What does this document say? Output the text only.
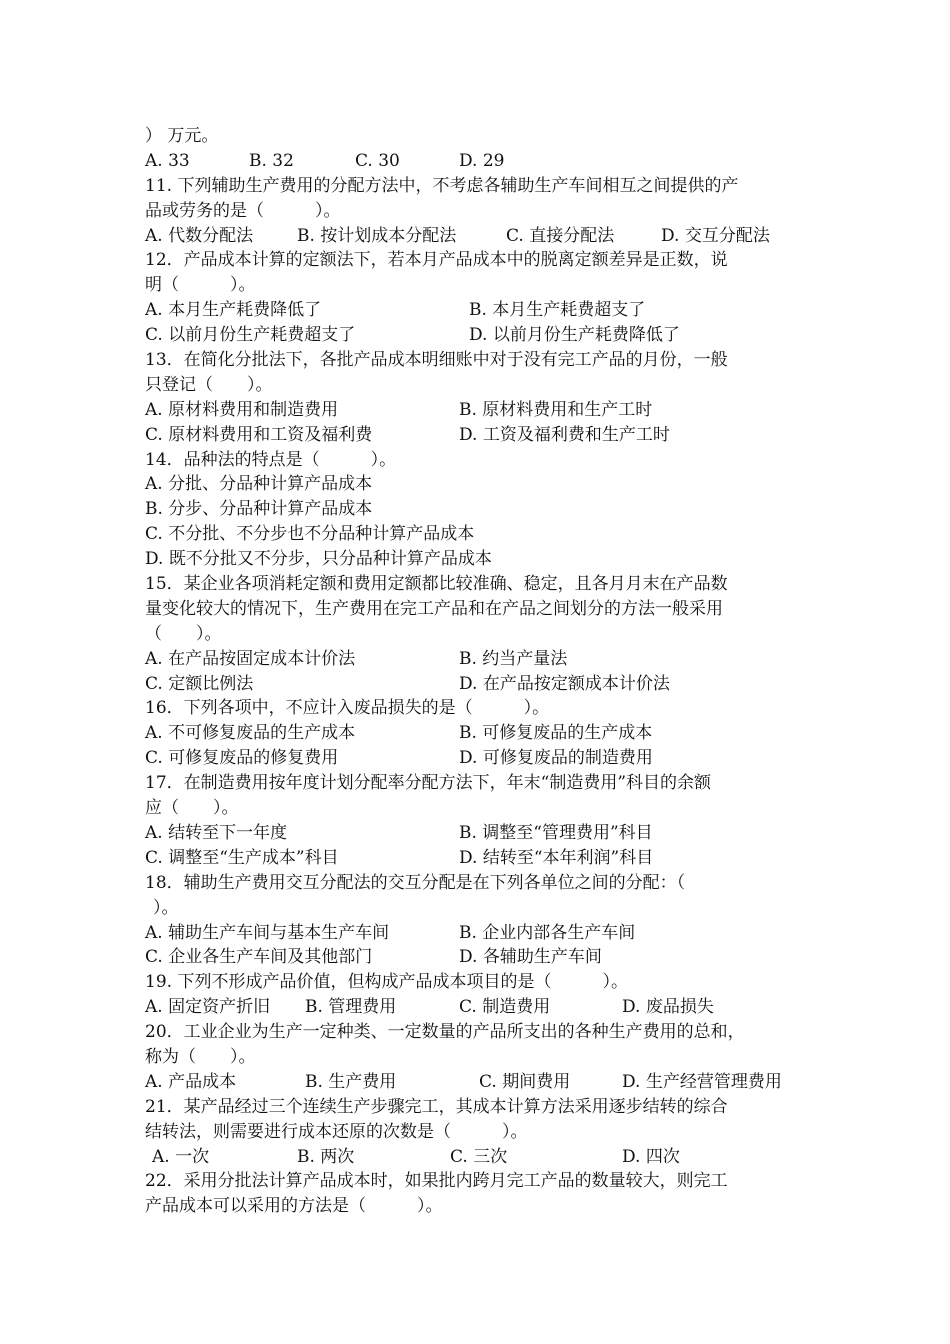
） 万元。
A. 33	B. 32	C. 30	D. 29
11. 下列辅助生产费用的分配方法中，不考虑各辅助生产车间相互之间提供的产
品或劳务的是（　　　）。
A. 代数分配法	B. 按计划成本分配法	C. 直接分配法	D. 交互分配法
12．产品成本计算的定额法下，若本月产品成本中的脱离定额差异是正数，说
明（　　　）。
A. 本月生产耗费降低了	B. 本月生产耗费超支了
C. 以前月份生产耗费超支了	D. 以前月份生产耗费降低了
13．在简化分批法下，各批产品成本明细账中对于没有完工产品的月份，一般
只登记（　　）。
A. 原材料费用和制造费用	B. 原材料费用和生产工时
C. 原材料费用和工资及福利费	D. 工资及福利费和生产工时
14．品种法的特点是（　　　）。
A. 分批、分品种计算产品成本
B. 分步、分品种计算产品成本
C. 不分批、不分步也不分品种计算产品成本
D. 既不分批又不分步，只分品种计算产品成本
15．某企业各项消耗定额和费用定额都比较准确、稳定，且各月月末在产品数
量变化较大的情况下，生产费用在完工产品和在产品之间划分的方法一般采用
（　　）。
A. 在产品按固定成本计价法	B. 约当产量法
C. 定额比例法	D. 在产品按定额成本计价法
16．下列各项中，不应计入废品损失的是（　　　）。
A. 不可修复废品的生产成本	B. 可修复废品的生产成本
C. 可修复废品的修复费用	D. 可修复废品的制造费用
17．在制造费用按年度计划分配率分配方法下，年末“制造费用”科目的余额
应（　　）。
A. 结转至下一年度	B. 调整至“管理费用”科目
C. 调整至“生产成本”科目	D. 结转至“本年利润”科目
18．辅助生产费用交互分配法的交互分配是在下列各单位之间的分配：（
）。
A. 辅助生产车间与基本生产车间	B. 企业内部各生产车间
C. 企业各生产车间及其他部门	D. 各辅助生产车间
19. 下列不形成产品价值，但构成产品成本项目的是（　　　）。
A. 固定资产折旧 B. 管理费用	C. 制造费用	D. 废品损失
20．工业企业为生产一定种类、一定数量的产品所支出的各种生产费用的总和，
称为（　　）。
A. 产品成本	B. 生产费用	C. 期间费用	D. 生产经营管理费用
21．某产品经过三个连续生产步骤完工，其成本计算方法采用逐步结转的综合
结转法，则需要进行成本还原的次数是（　　　）。
A. 一次	B. 两次	C. 三次	D. 四次
22．采用分批法计算产品成本时，如果批内跨月完工产品的数量较大，则完工
产品成本可以采用的方法是（　　　）。
